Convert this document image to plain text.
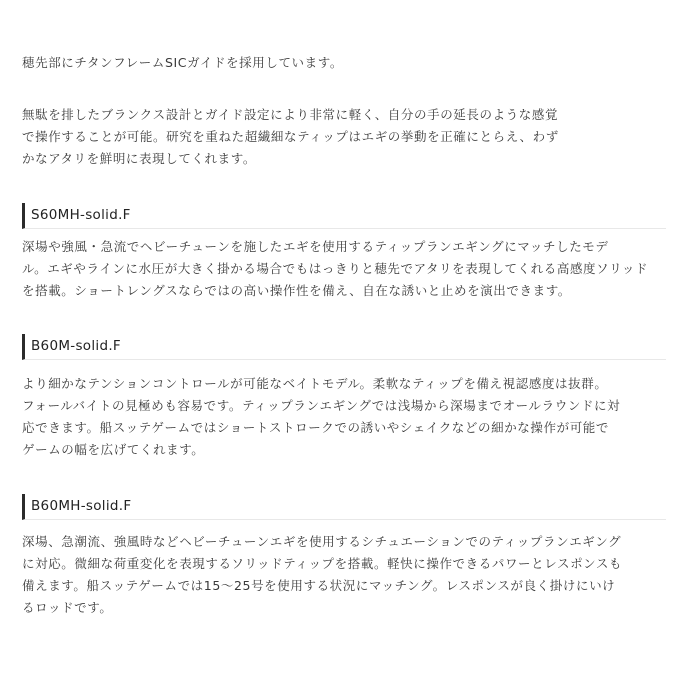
穂先部にチタンフレームSICガイドを採用しています。

無駄を排したブランクス設計とガイド設定により非常に軽く、自分の手の延長のような感覚
で操作することが可能。研究を重ねた超繊細なティップはエギの挙動を正確にとらえ、わず
かなアタリを鮮明に表現してくれます。

S60MH-solid.F

深場や強風・急流でヘビーチューンを施したエギを使用するティップランエギングにマッチしたモデ
ル。エギやラインに水圧が大きく掛かる場合でもはっきりと穂先でアタリを表現してくれる高感度ソリッド
を搭載。ショートレングスならではの高い操作性を備え、自在な誘いと止めを演出できます。

B60M-solid.F

より細かなテンションコントロールが可能なベイトモデル。柔軟なティップを備え視認感度は抜群。
フォールバイトの見極めも容易です。ティップランエギングでは浅場から深場までオールラウンドに対
応できます。船スッテゲームではショートストロークでの誘いやシェイクなどの細かな操作が可能で
ゲームの幅を広げてくれます。

B60MH-solid.F

深場、急潮流、強風時などヘビーチューンエギを使用するシチュエーションでのティップランエギング
に対応。微細な荷重変化を表現するソリッドティップを搭載。軽快に操作できるパワーとレスポンスも
備えます。船スッテゲームでは15〜25号を使用する状況にマッチング。レスポンスが良く掛けにいけ
るロッドです。
